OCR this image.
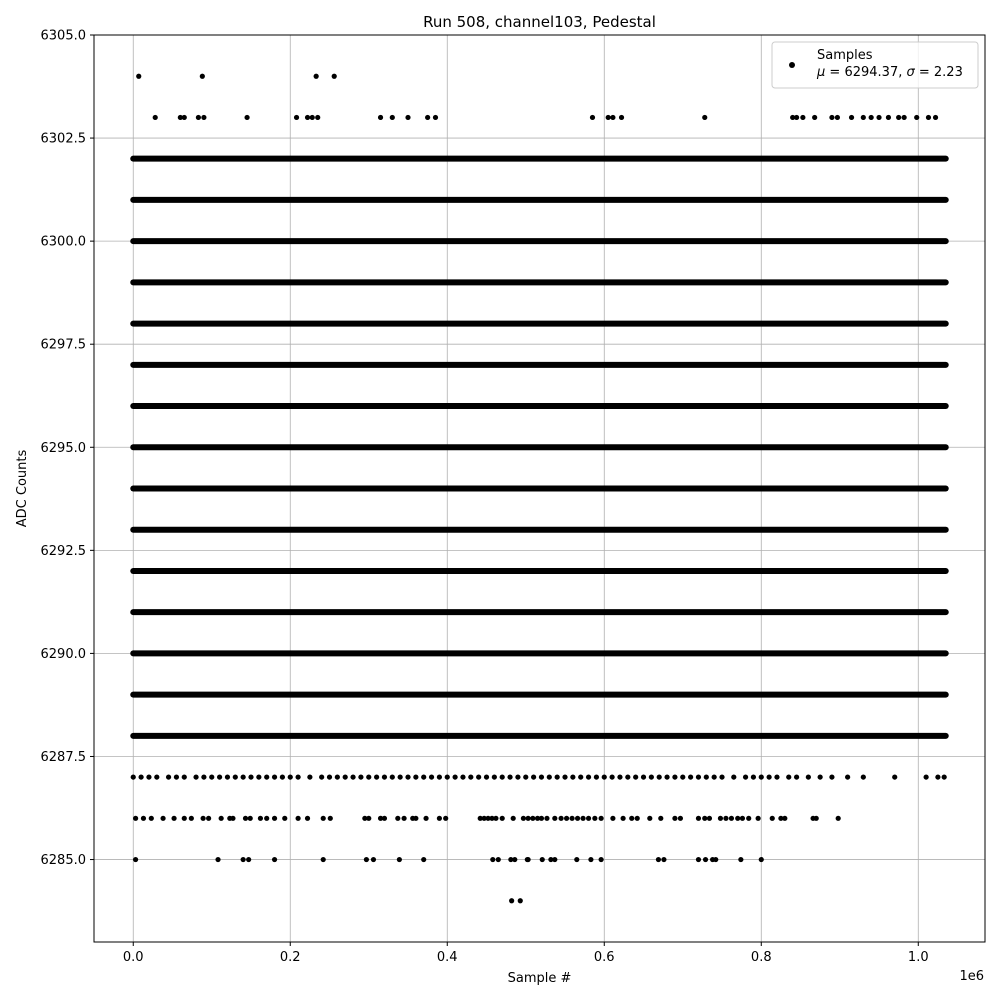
0.0	0.2	0.4	0.6	0.8	1.0
6285.0
6287.5
6290.0
6292.5
6295.0
6297.5
6300.0
6302.5
6305.0
Run 508, channel103, Pedestal
Sample #
ADC Counts
1e6
Samples
μ = 6294.37, σ = 2.23
